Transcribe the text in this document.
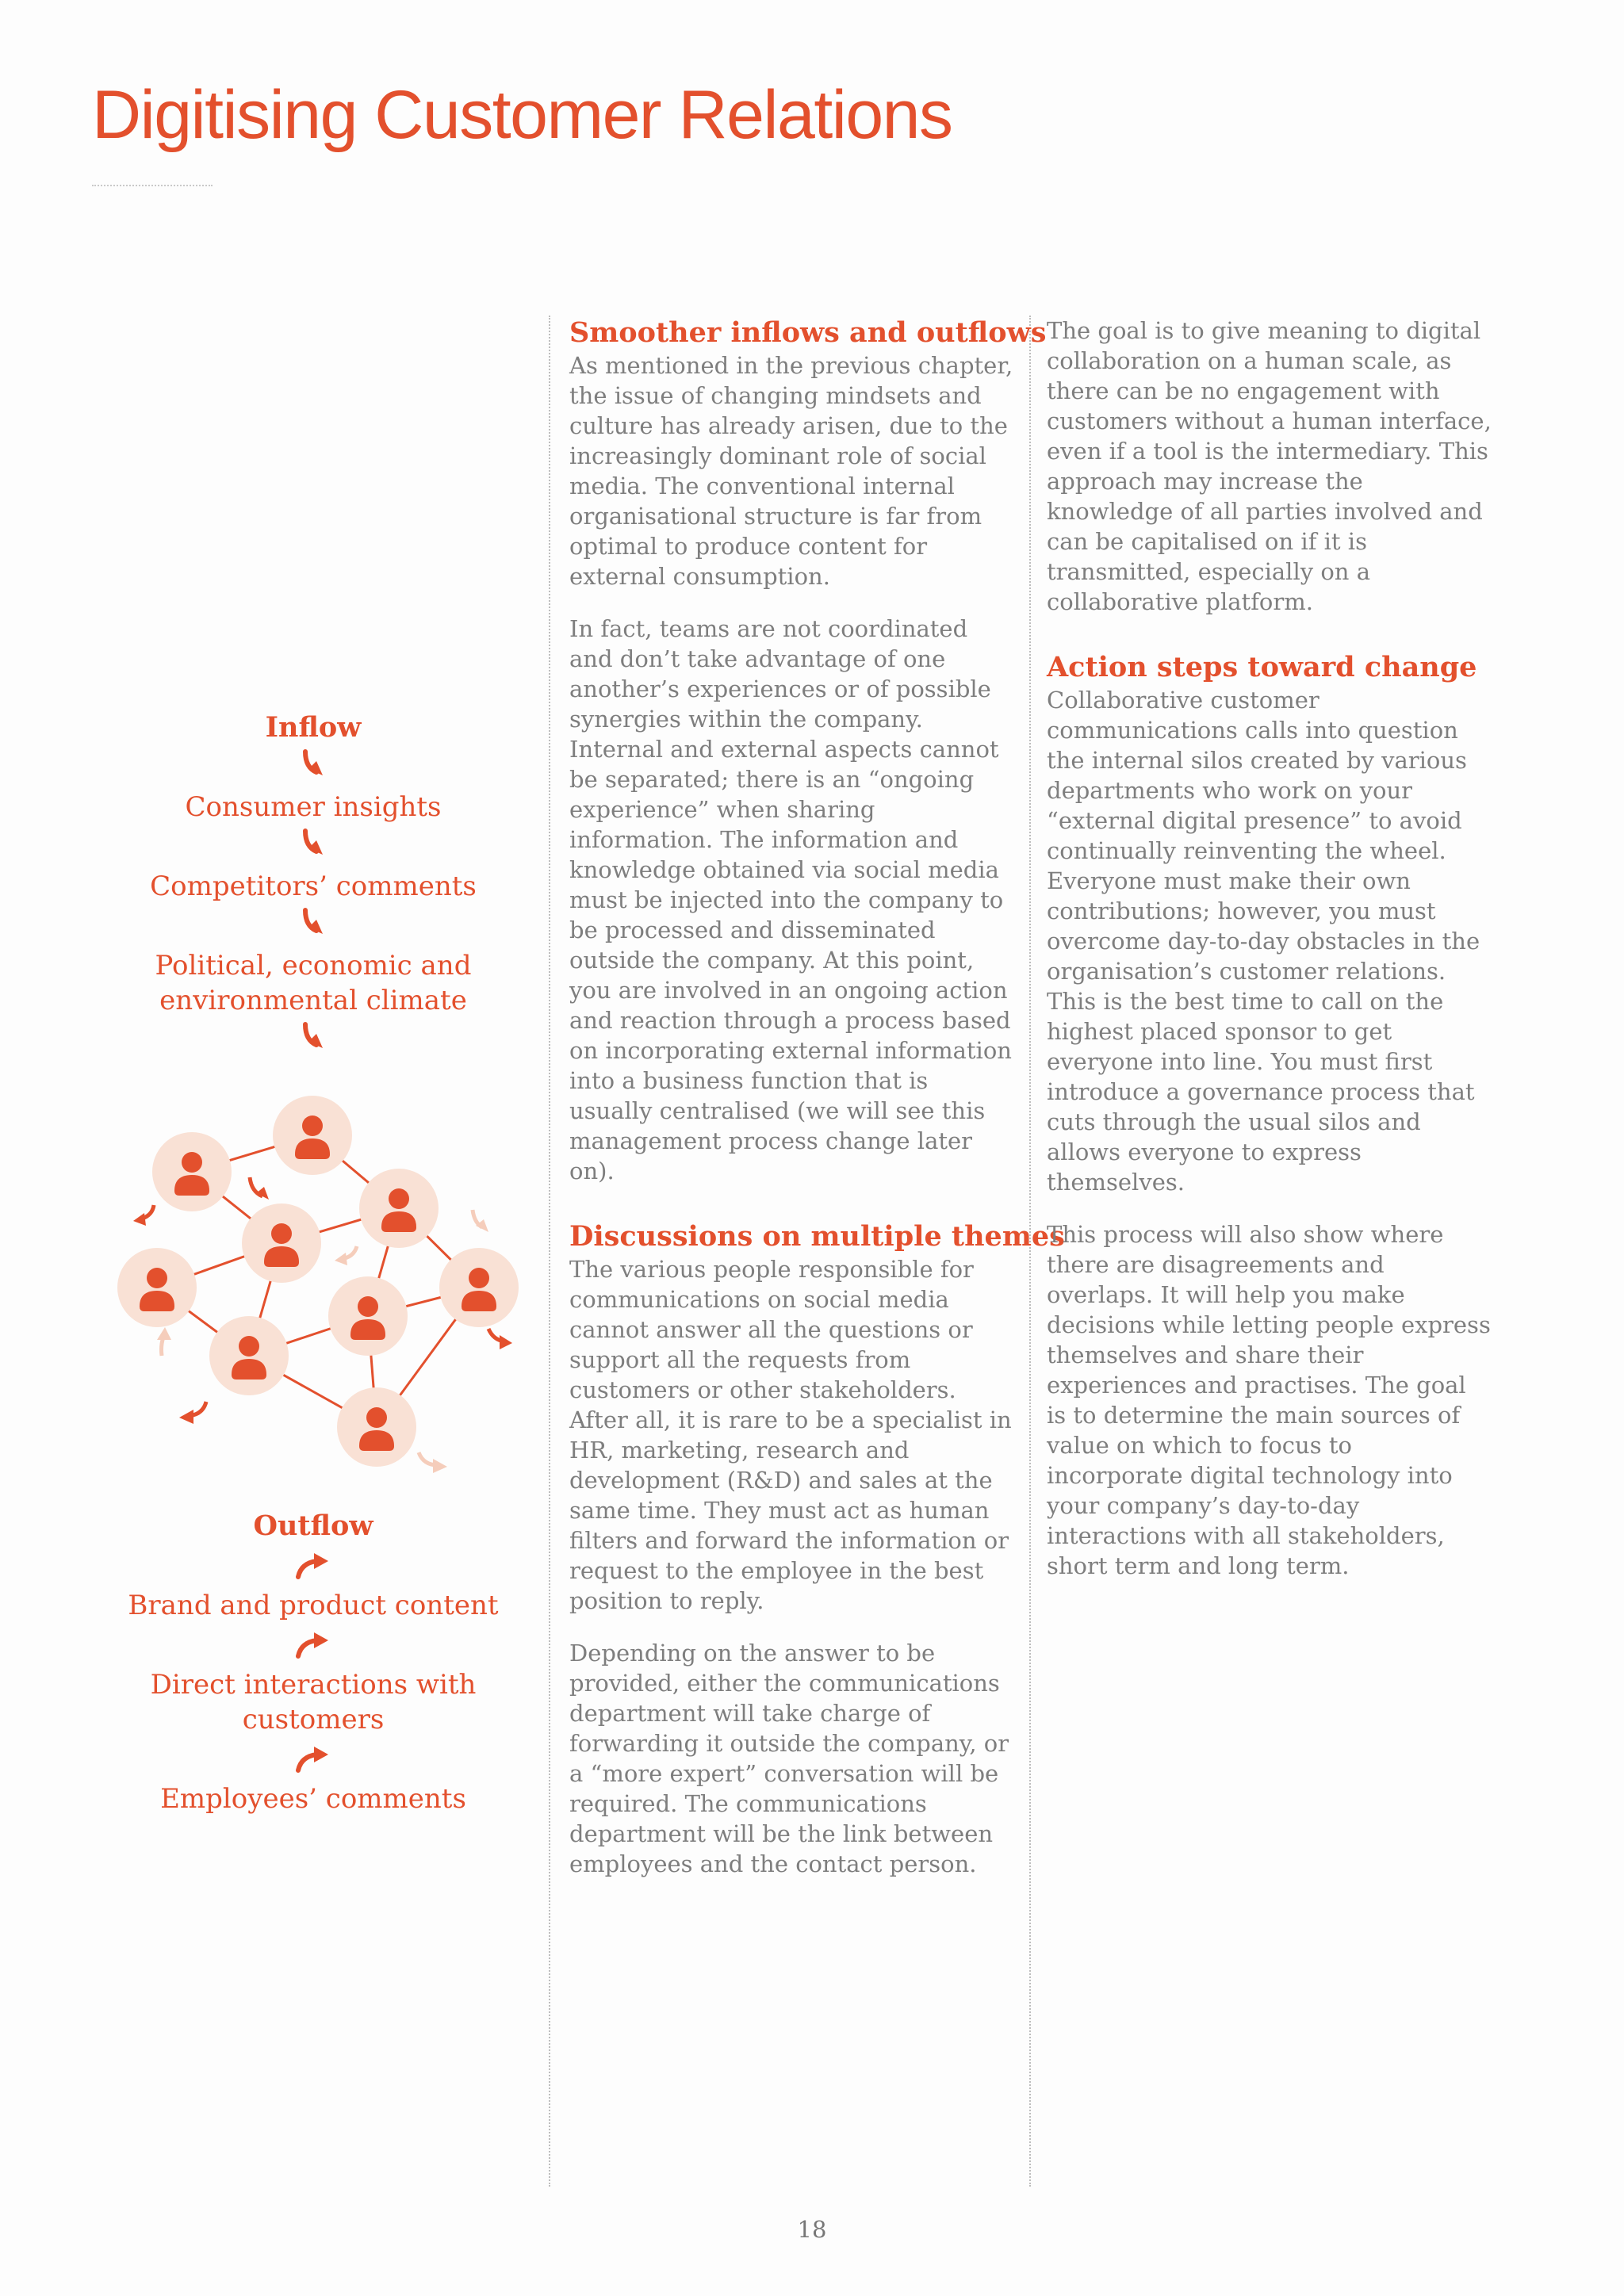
Digitising Customer Relations
Inflow
Consumer insights
Competitors’ comments
Political, economic and
environmental climate
Outflow
Brand and product content
Direct interactions with customers
Employees’ comments
Smoother inflows and outflows

As mentioned in the previous chapter, the issue of changing mindsets and culture has already arisen, due to the increasingly dominant role of social media. The conventional internal organisational structure is far from optimal to produce content for external consumption.

In fact, teams are not coordinated and don’t take advantage of one another’s experiences or of possible synergies within the company. Internal and external aspects cannot be separated; there is an “ongoing experience” when sharing information. The information and knowledge obtained via social media must be injected into the company to be processed and disseminated outside the company. At this point, you are involved in an ongoing action and reaction through a process based on incorporating external information into a business function that is usually centralised (we will see this management process change later on).

Discussions on multiple themes

The various people responsible for communications on social media cannot answer all the questions or support all the requests from customers or other stakeholders. After all, it is rare to be a specialist in HR, marketing, research and development (R&D) and sales at the same time. They must act as human filters and forward the information or request to the employee in the best position to reply.

Depending on the answer to be provided, either the communications department will take charge of forwarding it outside the company, or a “more expert” conversation will be required. The communications department will be the link between employees and the contact person.

The goal is to give meaning to digital collaboration on a human scale, as there can be no engagement with customers without a human interface, even if a tool is the intermediary. This approach may increase the knowledge of all parties involved and can be capitalised on if it is transmitted, especially on a collaborative platform.

Action steps toward change

Collaborative customer communications calls into question the internal silos created by various departments who work on your “external digital presence” to avoid continually reinventing the wheel. Everyone must make their own contributions; however, you must overcome day-to-day obstacles in the organisation’s customer relations. This is the best time to call on the highest placed sponsor to get everyone into line. You must first introduce a governance process that cuts through the usual silos and allows everyone to express themselves.

This process will also show where there are disagreements and overlaps. It will help you make decisions while letting people express themselves and share their experiences and practises. The goal is to determine the main sources of value on which to focus to incorporate digital technology into your company’s day-to-day interactions with all stakeholders, short term and long term.

18
